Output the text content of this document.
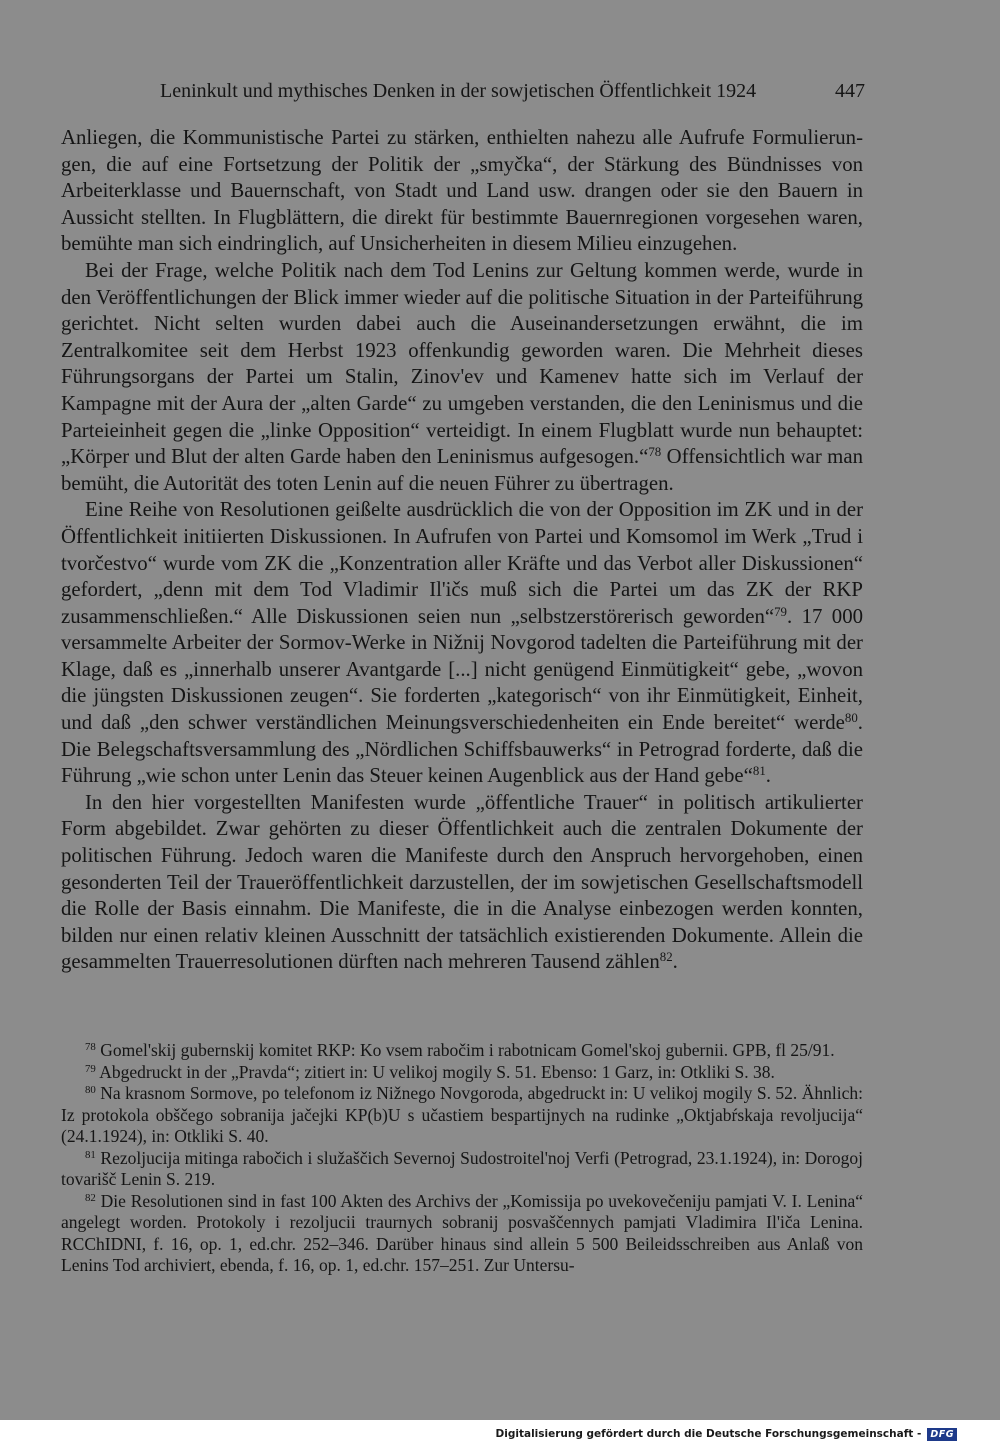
Leninkult und mythisches Denken in der sowjetischen Öffentlichkeit 1924	447

Anliegen, die Kommunistische Partei zu stärken, enthielten nahezu alle Aufrufe Formulierungen, die auf eine Fortsetzung der Politik der „smyčka“, der Stärkung des Bündnisses von Arbeiterklasse und Bauernschaft, von Stadt und Land usw. drangen oder sie den Bauern in Aussicht stellten. In Flugblättern, die direkt für bestimmte Bauernregionen vorgesehen waren, bemühte man sich eindringlich, auf Unsicherheiten in diesem Milieu einzugehen.

Bei der Frage, welche Politik nach dem Tod Lenins zur Geltung kommen werde, wurde in den Veröffentlichungen der Blick immer wieder auf die politische Situation in der Parteiführung gerichtet. Nicht selten wurden dabei auch die Auseinandersetzungen erwähnt, die im Zentralkomitee seit dem Herbst 1923 offenkundig geworden waren. Die Mehrheit dieses Führungsorgans der Partei um Stalin, Zinov'ev und Kamenev hatte sich im Verlauf der Kampagne mit der Aura der „alten Garde“ zu umgeben verstanden, die den Leninismus und die Parteieinheit gegen die „linke Opposition“ verteidigt. In einem Flugblatt wurde nun behauptet: „Körper und Blut der alten Garde haben den Leninismus aufgesogen.“$^{78}$ Offensichtlich war man bemüht, die Autorität des toten Lenin auf die neuen Führer zu übertragen.

Eine Reihe von Resolutionen geißelte ausdrücklich die von der Opposition im ZK und in der Öffentlichkeit initiierten Diskussionen. In Aufrufen von Partei und Komsomol im Werk „Trud i tvorčestvo“ wurde vom ZK die „Konzentration aller Kräfte und das Verbot aller Diskussionen“ gefordert, „denn mit dem Tod Vladimir Il'ičs muß sich die Partei um das ZK der RKP zusammenschließen.“ Alle Diskussionen seien nun „selbstzerstörerisch geworden“$^{79}$. 17 000 versammelte Arbeiter der Sormov-Werke in Nižnij Novgorod tadelten die Parteiführung mit der Klage, daß es „innerhalb unserer Avantgarde [...] nicht genügend Einmütigkeit“ gebe, „wovon die jüngsten Diskussionen zeugen“. Sie forderten „kategorisch“ von ihr Einmütigkeit, Einheit, und daß „den schwer verständlichen Meinungsverschiedenheiten ein Ende bereitet“ werde$^{80}$. Die Belegschaftsversammlung des „Nördlichen Schiffsbauwerks“ in Petrograd forderte, daß die Führung „wie schon unter Lenin das Steuer keinen Augenblick aus der Hand gebe“$^{81}$.

In den hier vorgestellten Manifesten wurde „öffentliche Trauer“ in politisch artikulierter Form abgebildet. Zwar gehörten zu dieser Öffentlichkeit auch die zentralen Dokumente der politischen Führung. Jedoch waren die Manifeste durch den Anspruch hervorgehoben, einen gesonderten Teil der Traueröffentlichkeit darzustellen, der im sowjetischen Gesellschaftsmodell die Rolle der Basis einnahm. Die Manifeste, die in die Analyse einbezogen werden konnten, bilden nur einen relativ kleinen Ausschnitt der tatsächlich existierenden Dokumente. Allein die gesammelten Trauerresolutionen dürften nach mehreren Tausend zählen$^{82}$.

$^{78}$ Gomel'skij gubernskij komitet RKP: Ko vsem rabočim i rabotnicam Gomel'skoj gubernii. GPB, fl 25/91.

$^{79}$ Abgedruckt in der „Pravda“; zitiert in: U velikoj mogily S. 51. Ebenso: 1 Garz, in: Otkliki S. 38.

$^{80}$ Na krasnom Sormove, po telefonom iz Nižnego Novgoroda, abgedruckt in: U velikoj mogily S. 52. Ähnlich: Iz protokola obščego sobranija jačejki KP(b)U s učastiem bespartijnych na rudinke „Oktjabŕskaja revoljucija“ (24.1.1924), in: Otkliki S. 40.

$^{81}$ Rezoljucija mitinga rabočich i služaščich Severnoj Sudostroitel'noj Verfi (Petrograd, 23.1.1924), in: Dorogoj tovarišč Lenin S. 219.

$^{82}$ Die Resolutionen sind in fast 100 Akten des Archivs der „Komissija po uvekovečeniju pamjati V. I. Lenina“ angelegt worden. Protokoly i rezoljucii traurnych sobranij posvaščennych pamjati Vladimira Il'iča Lenina. RCChIDNI, f. 16, op. 1, ed.chr. 252–346. Darüber hinaus sind allein 5 500 Beileidsschreiben aus Anlaß von Lenins Tod archiviert, ebenda, f. 16, op. 1, ed.chr. 157–251. Zur Untersu-

Digitalisierung gefördert durch die Deutsche Forschungsgemeinschaft - DFG
